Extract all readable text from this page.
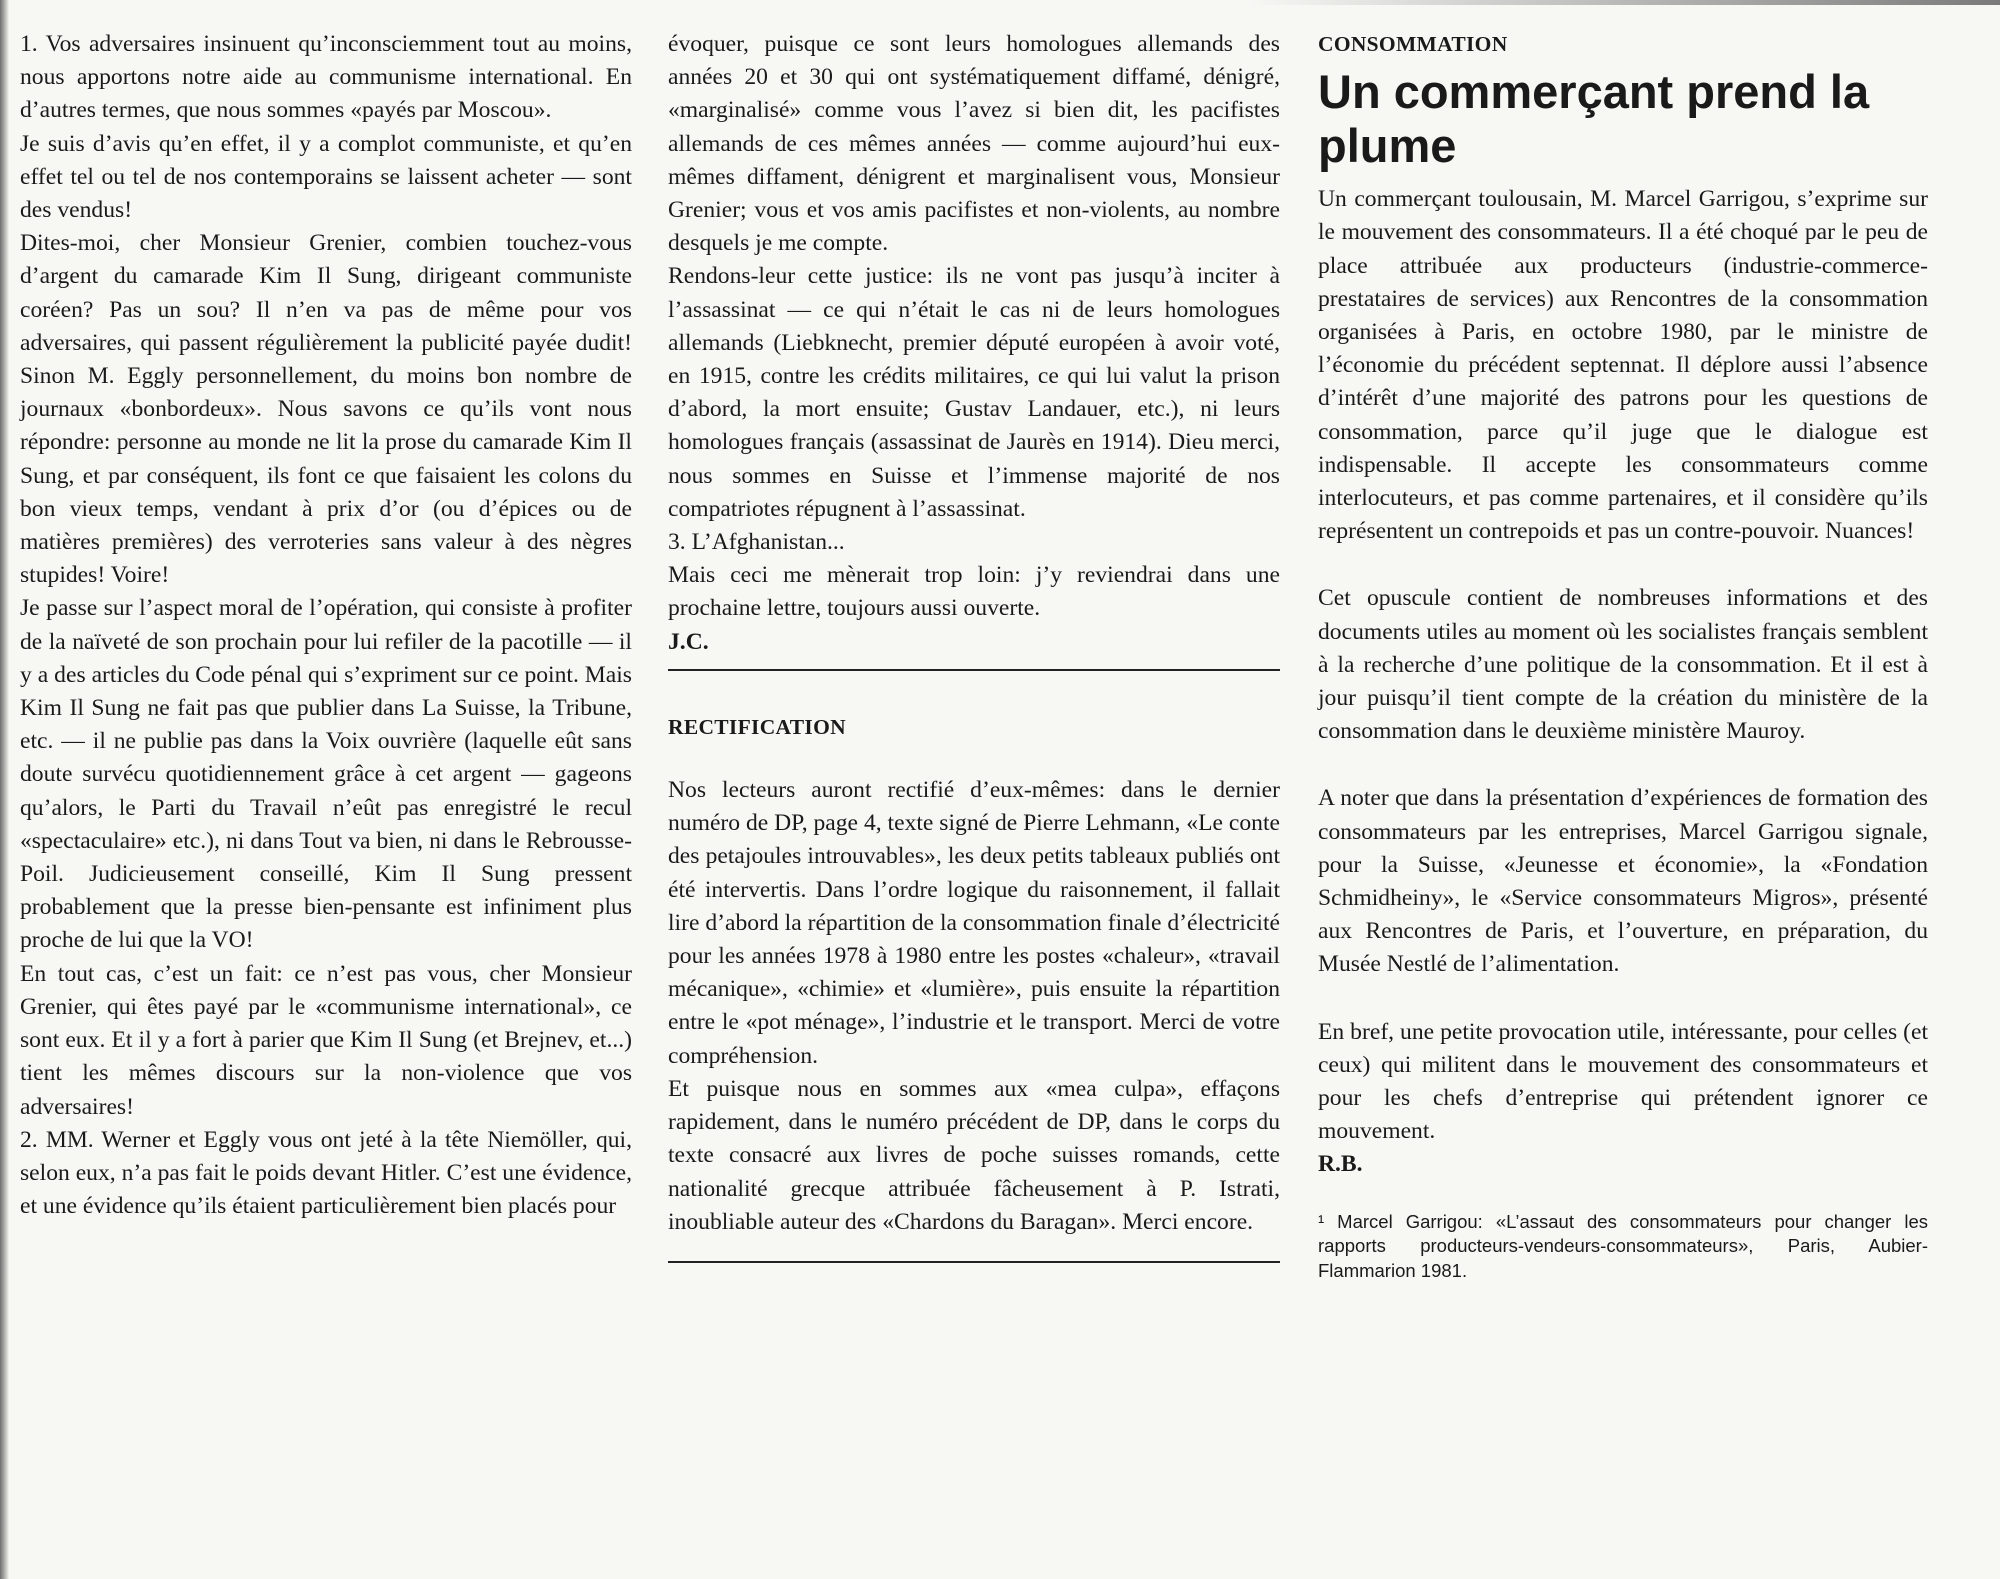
1. Vos adversaires insinuent qu’inconsciemment tout au moins, nous apportons notre aide au communisme international. En d’autres termes, que nous sommes «payés par Moscou».

Je suis d’avis qu’en effet, il y a complot communiste, et qu’en effet tel ou tel de nos contemporains se laissent acheter — sont des vendus!

Dites-moi, cher Monsieur Grenier, combien touchez-vous d’argent du camarade Kim Il Sung, dirigeant communiste coréen? Pas un sou? Il n’en va pas de même pour vos adversaires, qui passent régulièrement la publicité payée dudit! Sinon M. Eggly personnellement, du moins bon nombre de journaux «bonbordeux». Nous savons ce qu’ils vont nous répondre: personne au monde ne lit la prose du camarade Kim Il Sung, et par conséquent, ils font ce que faisaient les colons du bon vieux temps, vendant à prix d’or (ou d’épices ou de matières premières) des verroteries sans valeur à des nègres stupides! Voire!

Je passe sur l’aspect moral de l’opération, qui consiste à profiter de la naïveté de son prochain pour lui refiler de la pacotille — il y a des articles du Code pénal qui s’expriment sur ce point. Mais Kim Il Sung ne fait pas que publier dans La Suisse, la Tribune, etc. — il ne publie pas dans la Voix ouvrière (laquelle eût sans doute survécu quotidiennement grâce à cet argent — gageons qu’alors, le Parti du Travail n’eût pas enregistré le recul «spectaculaire» etc.), ni dans Tout va bien, ni dans le Rebrousse-Poil. Judicieusement conseillé, Kim Il Sung pressent probablement que la presse bien-pensante est infiniment plus proche de lui que la VO!

En tout cas, c’est un fait: ce n’est pas vous, cher Monsieur Grenier, qui êtes payé par le «communisme international», ce sont eux. Et il y a fort à parier que Kim Il Sung (et Brejnev, et...) tient les mêmes discours sur la non-violence que vos adversaires!

2. MM. Werner et Eggly vous ont jeté à la tête Niemöller, qui, selon eux, n’a pas fait le poids devant Hitler. C’est une évidence, et une évidence qu’ils étaient particulièrement bien placés pour

évoquer, puisque ce sont leurs homologues allemands des années 20 et 30 qui ont systématiquement diffamé, dénigré, «marginalisé» comme vous l’avez si bien dit, les pacifistes allemands de ces mêmes années — comme aujourd’hui eux-mêmes diffament, dénigrent et marginalisent vous, Monsieur Grenier; vous et vos amis pacifistes et non-violents, au nombre desquels je me compte.

Rendons-leur cette justice: ils ne vont pas jusqu’à inciter à l’assassinat — ce qui n’était le cas ni de leurs homologues allemands (Liebknecht, premier député européen à avoir voté, en 1915, contre les crédits militaires, ce qui lui valut la prison d’abord, la mort ensuite; Gustav Landauer, etc.), ni leurs homologues français (assassinat de Jaurès en 1914). Dieu merci, nous sommes en Suisse et l’immense majorité de nos compatriotes répugnent à l’assassinat.

3. L’Afghanistan...

Mais ceci me mènerait trop loin: j’y reviendrai dans une prochaine lettre, toujours aussi ouverte.

J.C.

RECTIFICATION

Nos lecteurs auront rectifié d’eux-mêmes: dans le dernier numéro de DP, page 4, texte signé de Pierre Lehmann, «Le conte des petajoules introuvables», les deux petits tableaux publiés ont été intervertis. Dans l’ordre logique du raisonnement, il fallait lire d’abord la répartition de la consommation finale d’électricité pour les années 1978 à 1980 entre les postes «chaleur», «travail mécanique», «chimie» et «lumière», puis ensuite la répartition entre le «pot ménage», l’industrie et le transport. Merci de votre compréhension.

Et puisque nous en sommes aux «mea culpa», effaçons rapidement, dans le numéro précédent de DP, dans le corps du texte consacré aux livres de poche suisses romands, cette nationalité grecque attribuée fâcheusement à P. Istrati, inoubliable auteur des «Chardons du Baragan». Merci encore.

CONSOMMATION

Un commerçant prend la plume

Un commerçant toulousain, M. Marcel Garrigou, s’exprime sur le mouvement des consommateurs. Il a été choqué par le peu de place attribuée aux producteurs (industrie-commerce-prestataires de services) aux Rencontres de la consommation organisées à Paris, en octobre 1980, par le ministre de l’économie du précédent septennat. Il déplore aussi l’absence d’intérêt d’une majorité des patrons pour les questions de consommation, parce qu’il juge que le dialogue est indispensable. Il accepte les consommateurs comme interlocuteurs, et pas comme partenaires, et il considère qu’ils représentent un contrepoids et pas un contre-pouvoir. Nuances!

Cet opuscule contient de nombreuses informations et des documents utiles au moment où les socialistes français semblent à la recherche d’une politique de la consommation. Et il est à jour puisqu’il tient compte de la création du ministère de la consommation dans le deuxième ministère Mauroy.

A noter que dans la présentation d’expériences de formation des consommateurs par les entreprises, Marcel Garrigou signale, pour la Suisse, «Jeunesse et économie», la «Fondation Schmidheiny», le «Service consommateurs Migros», présenté aux Rencontres de Paris, et l’ouverture, en préparation, du Musée Nestlé de l’alimentation.

En bref, une petite provocation utile, intéressante, pour celles (et ceux) qui militent dans le mouvement des consommateurs et pour les chefs d’entreprise qui prétendent ignorer ce mouvement.

R.B.

¹ Marcel Garrigou: «L’assaut des consommateurs pour changer les rapports producteurs-vendeurs-consommateurs», Paris, Aubier-Flammarion 1981.
